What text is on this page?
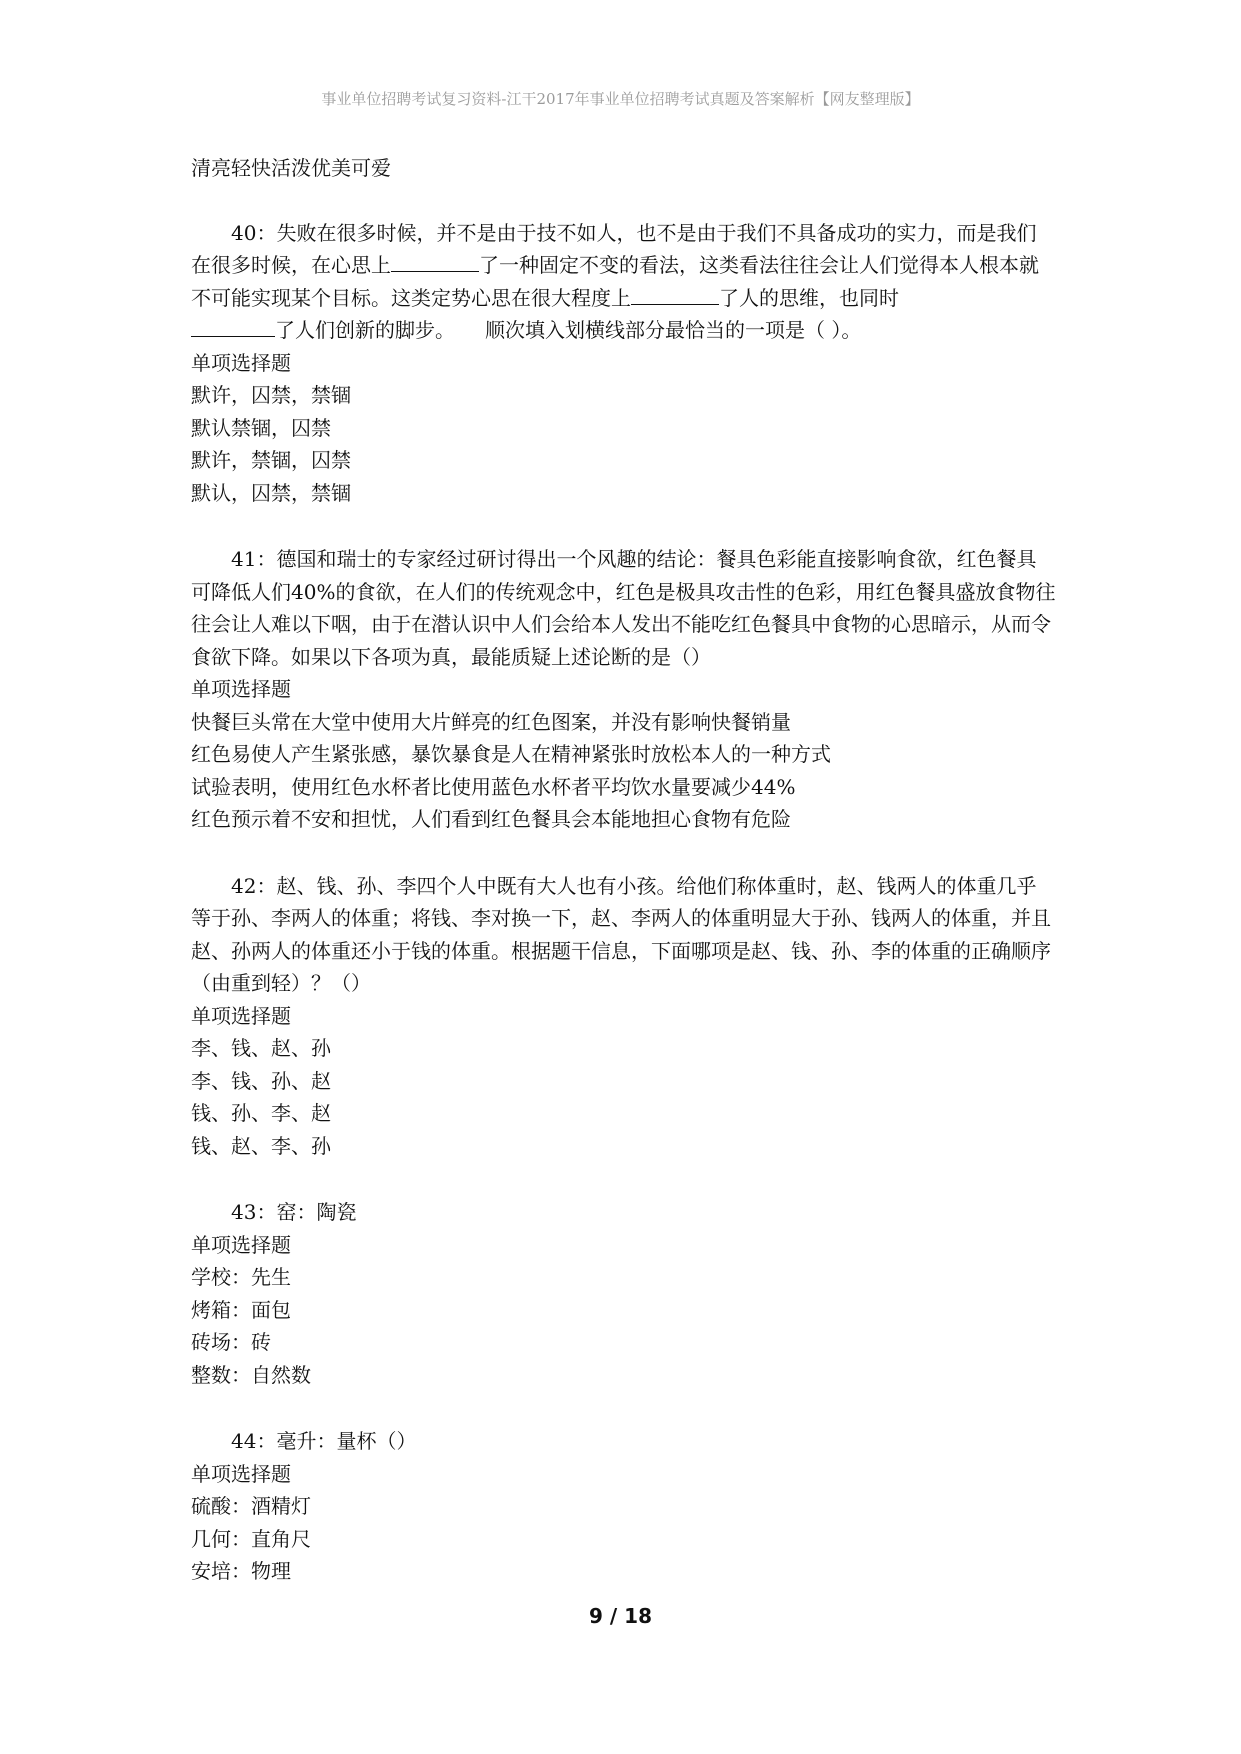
事业单位招聘考试复习资料-江干2017年事业单位招聘考试真题及答案解析【网友整理版】

清亮轻快活泼优美可爱

40：失败在很多时候，并不是由于技不如人，也不是由于我们不具备成功的实力，而是我们在很多时候，在心思上	了一种固定不变的看法，这类看法往往会让人们觉得本人根本就不可能实现某个目标。这类定势心思在很大程度上	了人的思维，也同时
了人们创新的脚步。　　顺次填入划横线部分最恰当的一项是（ ）。

单项选择题

默许，囚禁，禁锢

默认禁锢，囚禁

默许，禁锢，囚禁

默认，囚禁，禁锢

41：德国和瑞士的专家经过研讨得出一个风趣的结论：餐具色彩能直接影响食欲，红色餐具可降低人们40%的食欲，在人们的传统观念中，红色是极具攻击性的色彩，用红色餐具盛放食物往往会让人难以下咽，由于在潜认识中人们会给本人发出不能吃红色餐具中食物的心思暗示，从而令食欲下降。如果以下各项为真，最能质疑上述论断的是（）

单项选择题

快餐巨头常在大堂中使用大片鲜亮的红色图案，并没有影响快餐销量

红色易使人产生紧张感，暴饮暴食是人在精神紧张时放松本人的一种方式

试验表明，使用红色水杯者比使用蓝色水杯者平均饮水量要减少44%

红色预示着不安和担忧，人们看到红色餐具会本能地担心食物有危险

42：赵、钱、孙、李四个人中既有大人也有小孩。给他们称体重时，赵、钱两人的体重几乎等于孙、李两人的体重；将钱、李对换一下，赵、李两人的体重明显大于孙、钱两人的体重，并且赵、孙两人的体重还小于钱的体重。根据题干信息，下面哪项是赵、钱、孙、李的体重的正确顺序（由重到轻）？（）

单项选择题

李、钱、赵、孙

李、钱、孙、赵

钱、孙、李、赵

钱、赵、李、孙

43：窑：陶瓷

单项选择题

学校：先生

烤箱：面包

砖场：砖

整数：自然数

44：毫升：量杯（）

单项选择题

硫酸：酒精灯

几何：直角尺

安培：物理

9 / 18
